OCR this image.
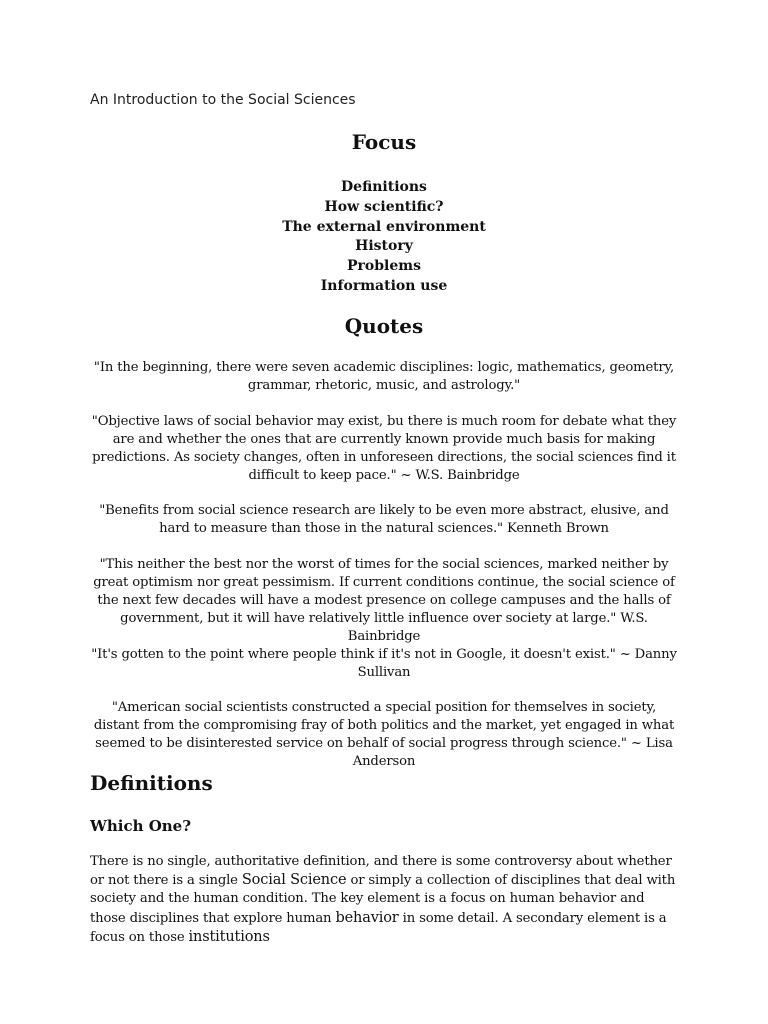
An Introduction to the Social Sciences
Focus
Definitions
How scientific?
The external environment
History
Problems
Information use
Quotes
"In the beginning, there were seven academic disciplines: logic, mathematics, geometry, grammar, rhetoric, music, and astrology."
"Objective laws of social behavior may exist, bu there is much room for debate what they are and whether the ones that are currently known provide much basis for making predictions. As society changes, often in unforeseen directions, the social sciences find it difficult to keep pace." ~ W.S. Bainbridge
"Benefits from social science research are likely to be even more abstract, elusive, and hard to measure than those in the natural sciences." Kenneth Brown
"This neither the best nor the worst of times for the social sciences, marked neither by great optimism nor great pessimism. If current conditions continue, the social science of the next few decades will have a modest presence on college campuses and the halls of government, but it will have relatively little influence over society at large." W.S. Bainbridge
"It's gotten to the point where people think if it's not in Google, it doesn't exist." ~ Danny Sullivan
"American social scientists constructed a special position for themselves in society, distant from the compromising fray of both politics and the market, yet engaged in what seemed to be disinterested service on behalf of social progress through science." ~ Lisa Anderson
Definitions
Which One?
There is no single, authoritative definition, and there is some controversy about whether or not there is a single Social Science or simply a collection of disciplines that deal with society and the human condition. The key element is a focus on human behavior and those disciplines that explore human behavior in some detail. A secondary element is a focus on those institutions
